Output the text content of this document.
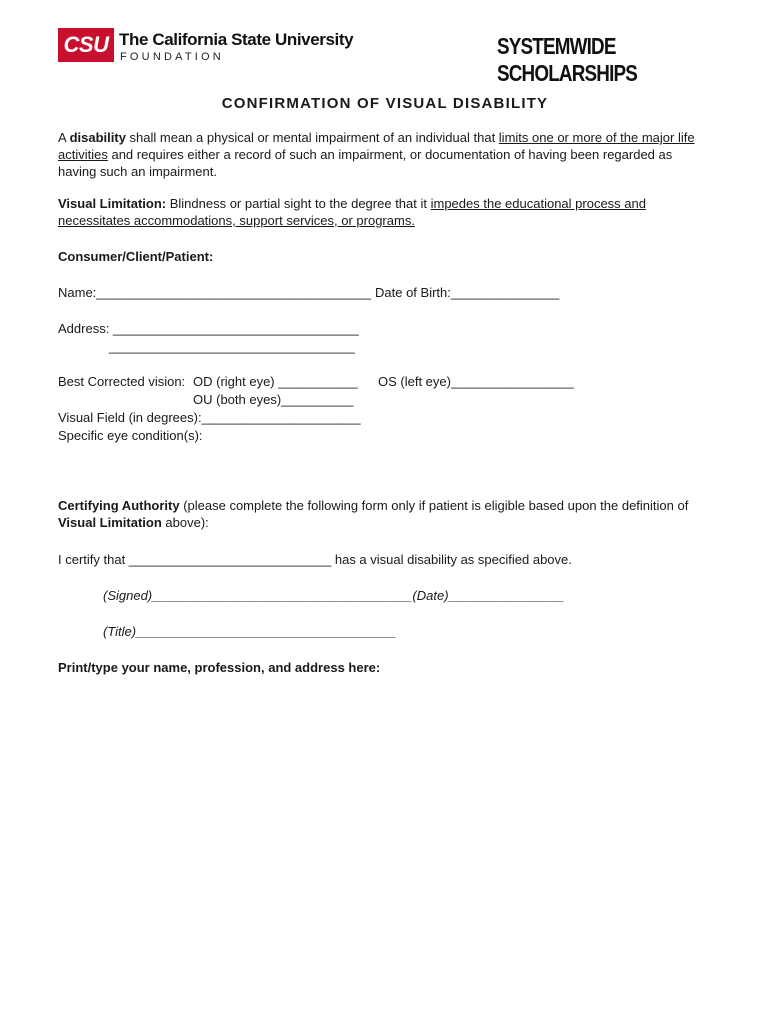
CSU The California State University
FOUNDATION	SYSTEMWIDE SCHOLARSHIPS
CONFIRMATION OF VISUAL DISABILITY
A disability shall mean a physical or mental impairment of an individual that limits one or more of the major life activities and requires either a record of such an impairment, or documentation of having been regarded as having such an impairment.
Visual Limitation: Blindness or partial sight to the degree that it impedes the educational process and necessitates accommodations, support services, or programs.
Consumer/Client/Patient:
Name:______________________________________ Date of Birth:_______________
Address: __________________________________
__________________________________
Best Corrected vision: OD (right eye) ___________ OS (left eye)_________________
OU (both eyes)__________
Visual Field (in degrees):______________________
Specific eye condition(s):
Certifying Authority (please complete the following form only if patient is eligible based upon the definition of Visual Limitation above):
I certify that ____________________________ has a visual disability as specified above.
(Signed)____________________________________(Date)________________
(Title)____________________________________
Print/type your name, profession, and address here:
